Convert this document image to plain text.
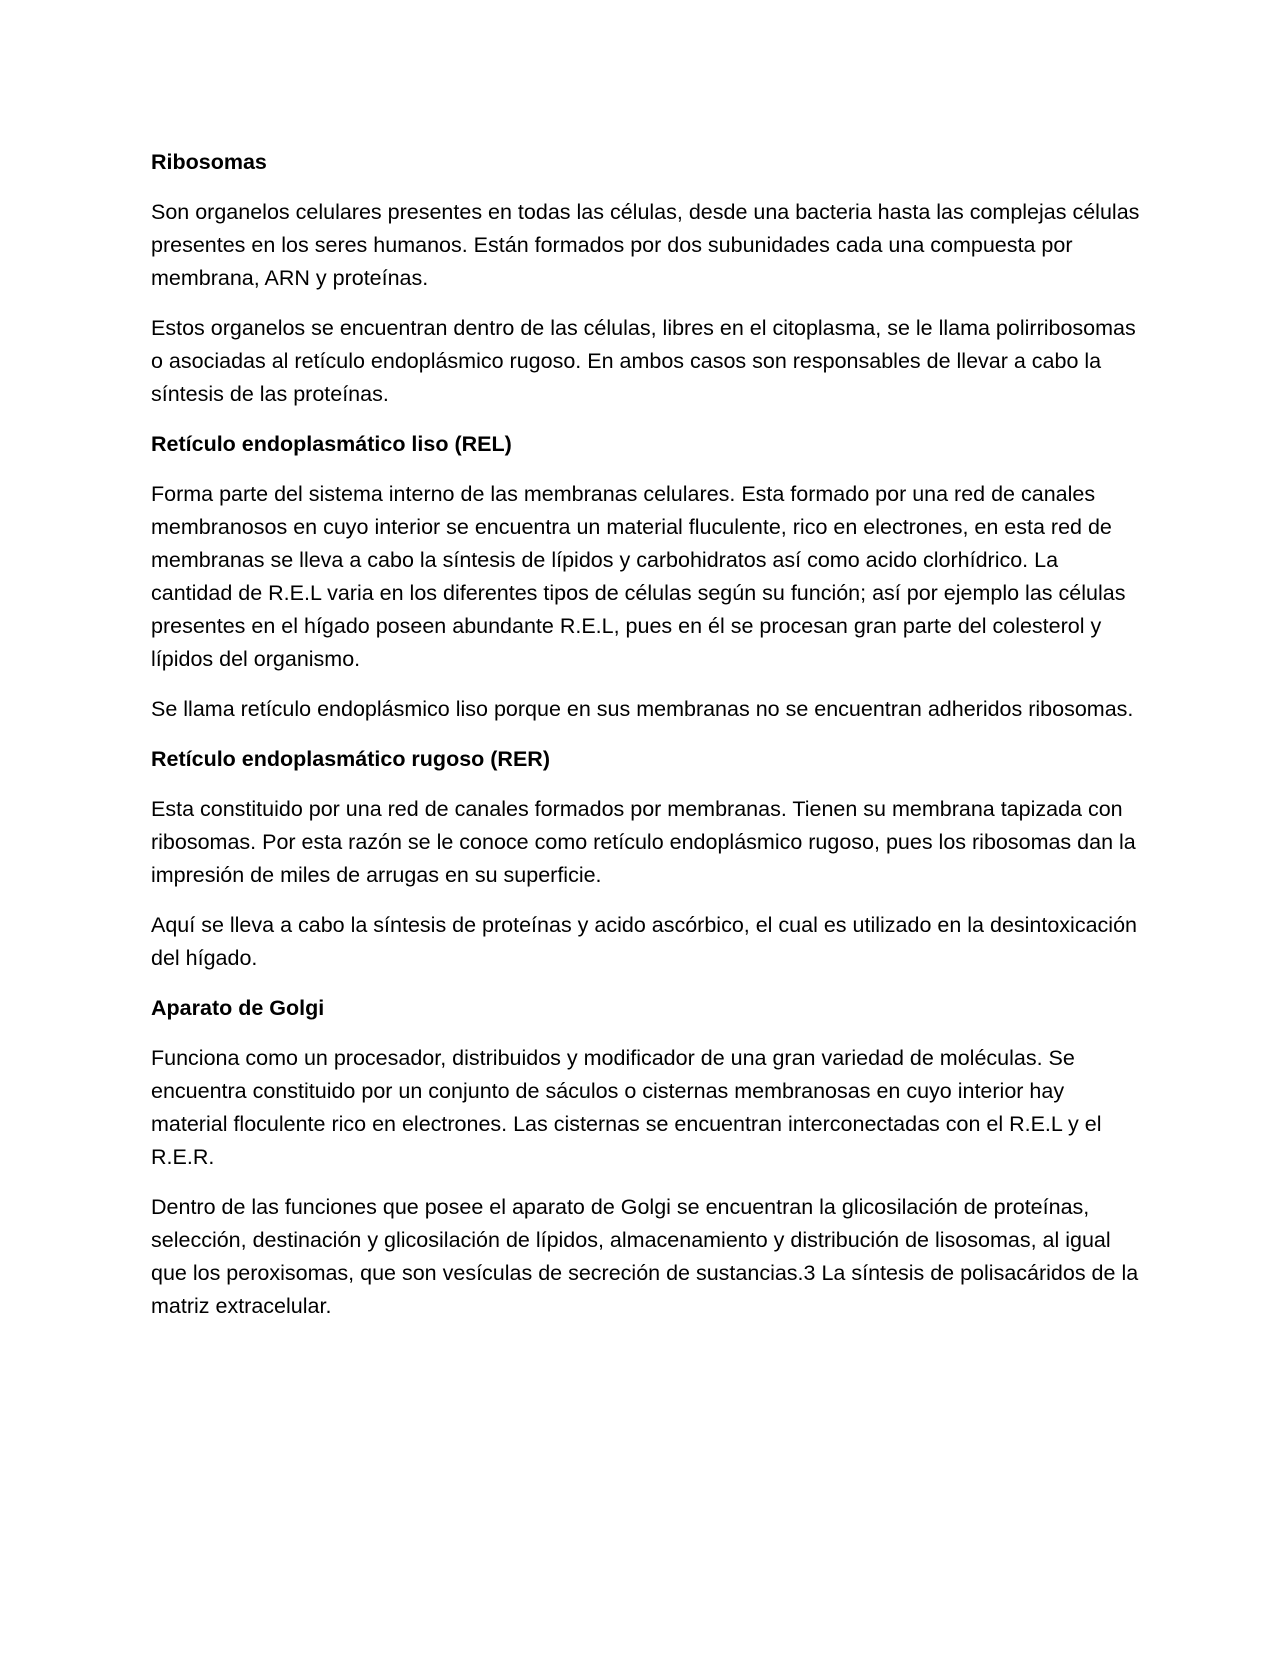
Ribosomas
Son organelos celulares presentes en todas las células, desde una bacteria hasta las complejas células presentes en los seres humanos. Están formados por dos subunidades cada una compuesta por membrana, ARN y proteínas.
Estos organelos se encuentran dentro de las células, libres en el citoplasma, se le llama polirribosomas o asociadas al retículo endoplásmico rugoso. En ambos casos son responsables de llevar a cabo la síntesis de las proteínas.
Retículo endoplasmático liso (REL)
Forma parte del sistema interno de las membranas celulares. Esta formado por una red de canales membranosos en cuyo interior se encuentra un material fluculente, rico en electrones, en esta red de membranas se lleva a cabo la síntesis de lípidos y carbohidratos así como acido clorhídrico. La cantidad de R.E.L varia en los diferentes tipos de células según su función; así por ejemplo las células presentes en el hígado poseen abundante R.E.L, pues en él se procesan gran parte del colesterol y lípidos del organismo.
Se llama retículo endoplásmico liso porque en sus membranas no se encuentran adheridos ribosomas.
Retículo endoplasmático rugoso (RER)
Esta constituido por una red de canales formados por membranas. Tienen su membrana tapizada con ribosomas. Por esta razón se le conoce como retículo endoplásmico rugoso, pues los ribosomas dan la impresión de miles de arrugas en su superficie.
Aquí se lleva a cabo la síntesis de proteínas y acido ascórbico, el cual es utilizado en la desintoxicación del hígado.
Aparato de Golgi
Funciona como un procesador, distribuidos y modificador de una gran variedad de moléculas. Se encuentra constituido por un conjunto de sáculos o cisternas membranosas en cuyo interior hay material floculente rico en electrones. Las cisternas se encuentran interconectadas con el R.E.L y el R.E.R.
Dentro de las funciones que posee el aparato de Golgi se encuentran la glicosilación de proteínas, selección, destinación y glicosilación de lípidos, almacenamiento y distribución de lisosomas, al igual que los peroxisomas, que son vesículas de secreción de sustancias.3 La síntesis de polisacáridos de la matriz extracelular.
